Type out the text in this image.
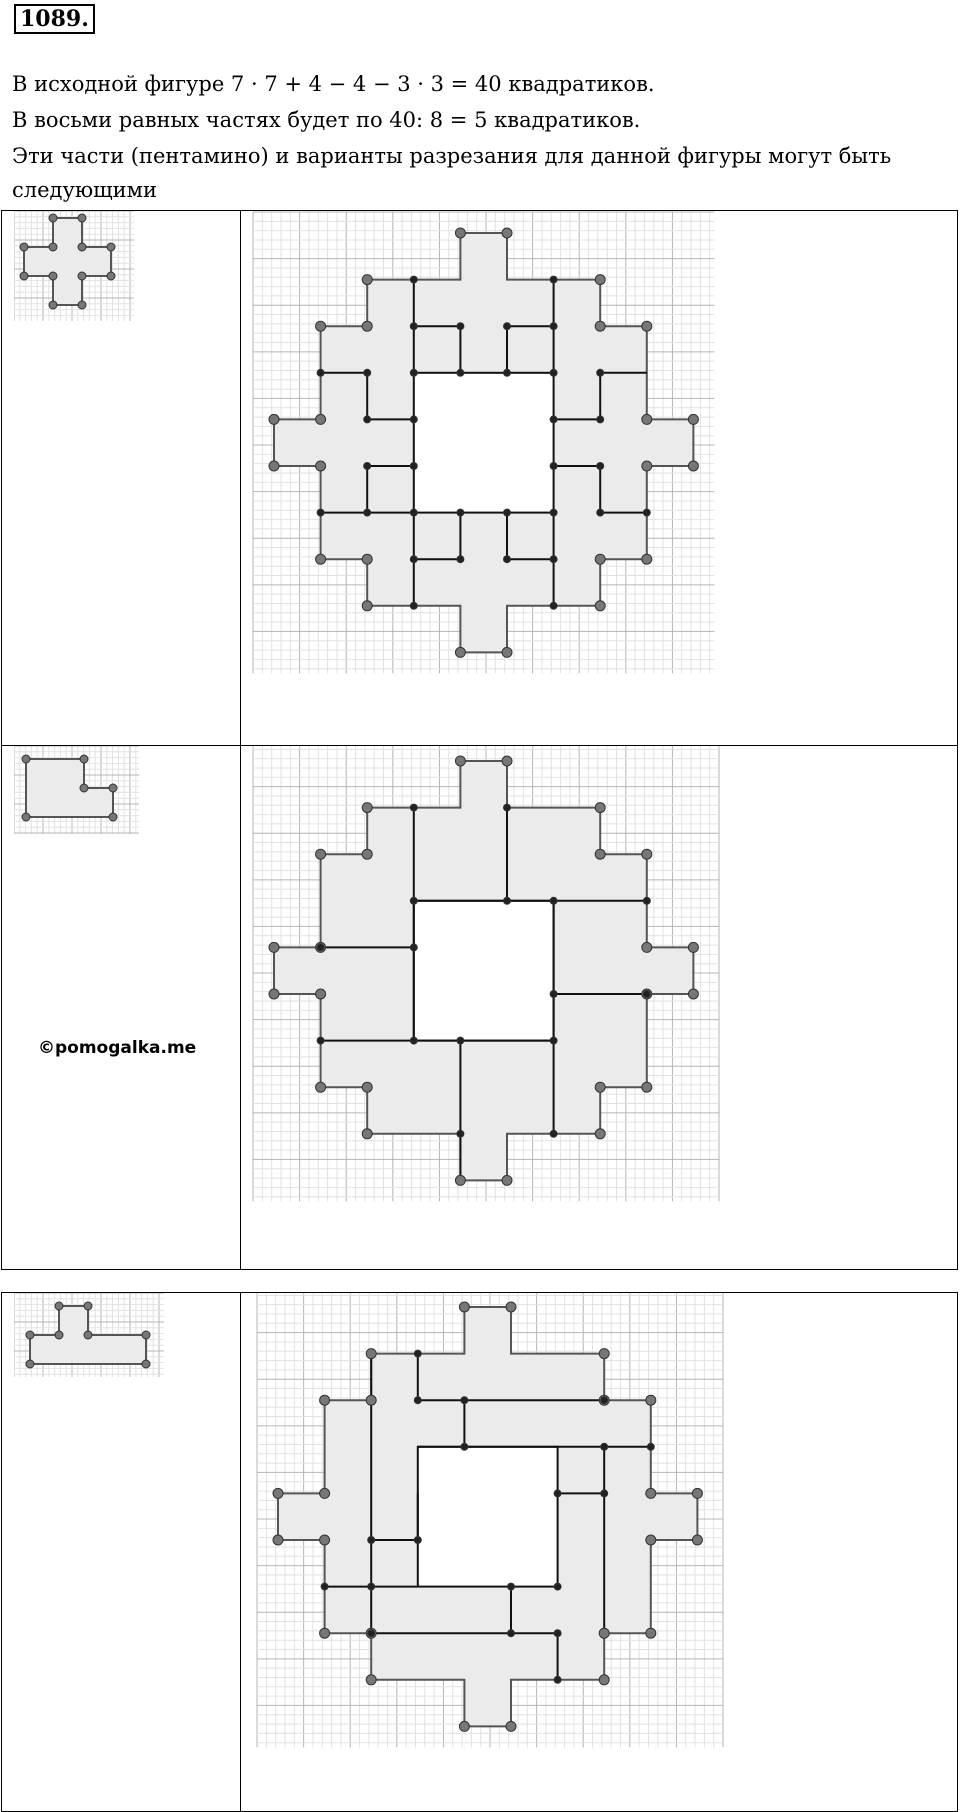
1089.
В исходной фигуре 7 · 7 + 4 − 4 − 3 · 3 = 40 квадратиков.
В восьми равных частях будет по 40: 8 = 5 квадратиков.
Эти части (пентамино) и варианты разрезания для данной фигуры могут быть
следующими

©pomogalka.me
